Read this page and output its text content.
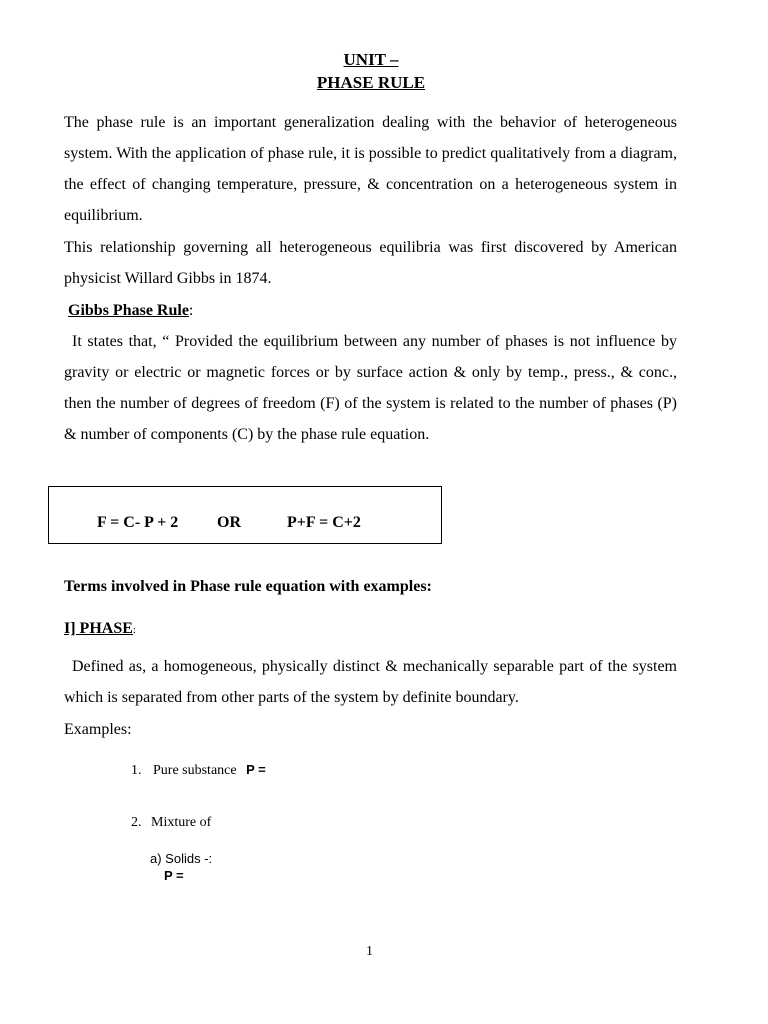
UNIT –
PHASE RULE
The phase rule is an important generalization dealing with the behavior of heterogeneous system. With the application of phase rule, it is possible to predict qualitatively from a diagram, the effect of changing temperature, pressure, & concentration on a heterogeneous system in equilibrium.
This relationship governing all heterogeneous equilibria was first discovered by American physicist Willard Gibbs in 1874.
Gibbs Phase Rule:
It states that, “ Provided the equilibrium between any number of phases is not influence by gravity or electric or magnetic forces or by surface action & only by temp., press., & conc., then the number of degrees of freedom (F) of the system is related to the number of phases (P) & number of components (C) by the phase rule equation.
F = C- P + 2 OR	P+F = C+2
Terms involved in Phase rule equation with examples:
I] PHASE:
Defined as, a homogeneous, physically distinct & mechanically separable part of the system which is separated from other parts of the system by definite boundary.
Examples:
1. Pure substance P =
2. Mixture of
a) Solids -:
P =
1
